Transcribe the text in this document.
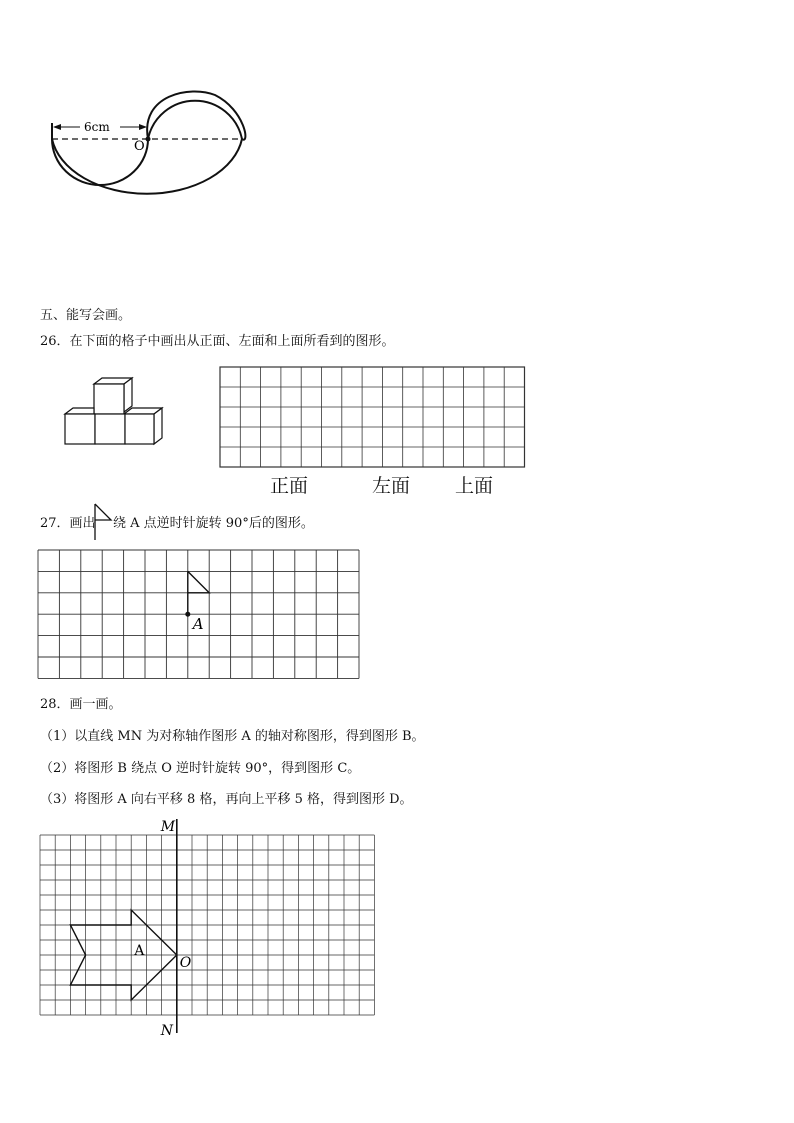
6cm
O
五、能写会画。
26．在下面的格子中画出从正面、左面和上面所看到的图形。
正面	左面 上面
27．画出 绕 A 点逆时针旋转 90°后的图形。
A
28．画一画。
（1）以直线 MN 为对称轴作图形 A 的轴对称图形，得到图形 B。
（2）将图形 B 绕点 O 逆时针旋转 90°，得到图形 C。
（3）将图形 A 向右平移 8 格，再向上平移 5 格，得到图形 D。
M
N
A
O
